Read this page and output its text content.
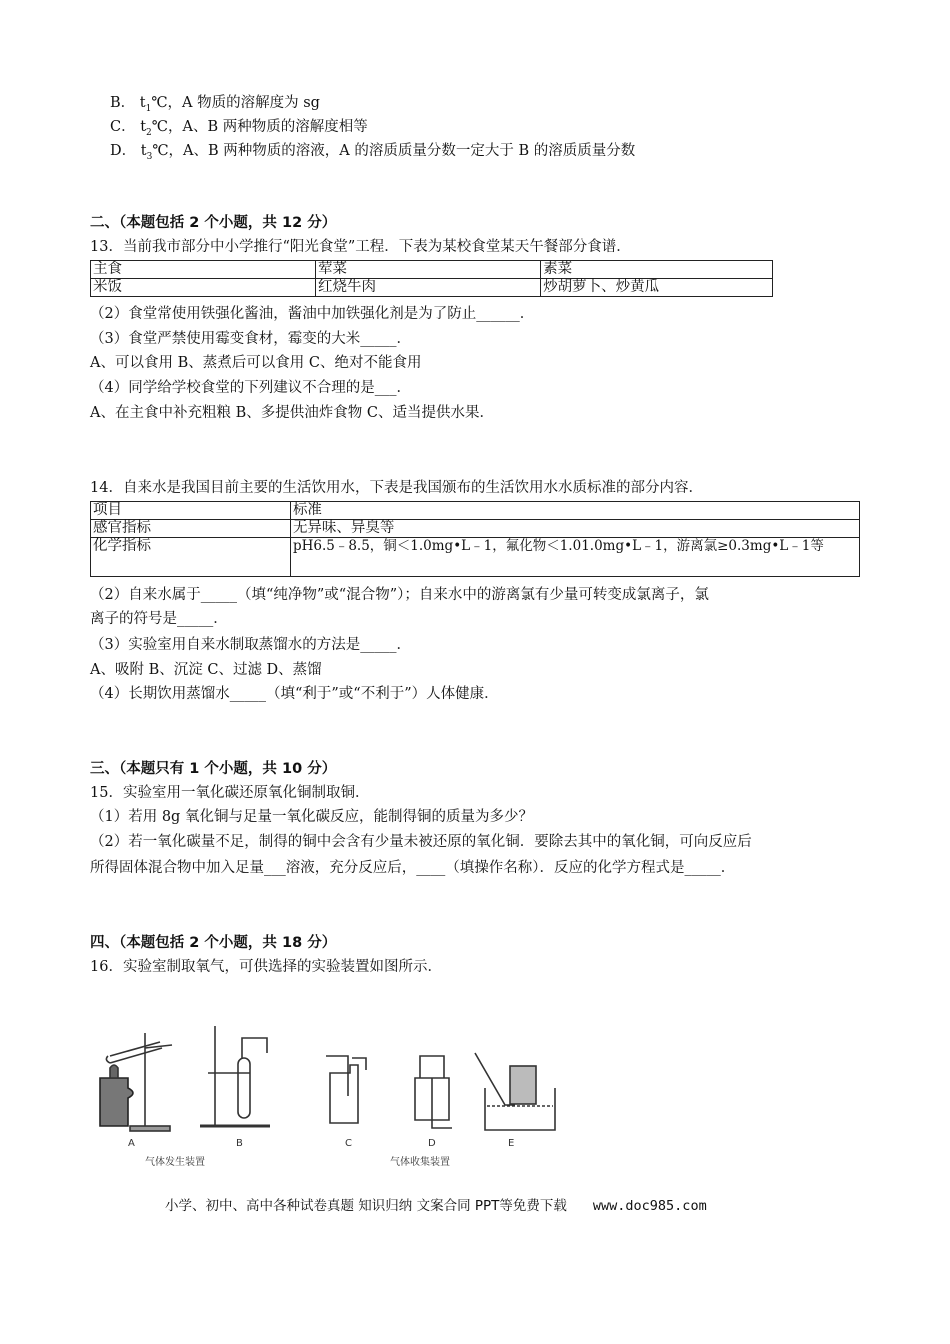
B． $t_1℃$，A 物质的溶解度为 sg
C． $t_2℃$，A、B 两种物质的溶解度相等
D． $t_3℃$，A、B 两种物质的溶液，A 的溶质质量分数一定大于 B 的溶质质量分数
二、（本题包括 2 个小题，共 12 分）
13．当前我市部分中小学推行“阳光食堂”工程．下表为某校食堂某天午餐部分食谱．
主食	荤菜	素菜
米饭	红烧牛肉	炒胡萝卜、炒黄瓜
（2）食堂常使用铁强化酱油，酱油中加铁强化剂是为了防止______．
（3）食堂严禁使用霉变食材，霉变的大米_____．
A、可以食用 B、蒸煮后可以食用 C、绝对不能食用
（4）同学给学校食堂的下列建议不合理的是___．
A、在主食中补充粗粮 B、多提供油炸食物 C、适当提供水果．
14．自来水是我国目前主要的生活饮用水，下表是我国颁布的生活饮用水水质标准的部分内容．
项目	标准
感官指标	无异味、异臭等
化学指标	pH6.5﹣8.5，铜＜1.0mg•L﹣1，氟化物＜1.01.0mg•L﹣1，游离氯≥0.3mg•L﹣1等
（2）自来水属于_____（填“纯净物”或“混合物”）；自来水中的游离氯有少量可转变成氯离子，氯
离子的符号是_____．
（3）实验室用自来水制取蒸馏水的方法是_____．
A、吸附 B、沉淀 C、过滤 D、蒸馏
（4）长期饮用蒸馏水_____（填“利于”或“不利于”）人体健康．
三、（本题只有 1 个小题，共 10 分）
15．实验室用一氧化碳还原氧化铜制取铜．
（1）若用 8g 氧化铜与足量一氧化碳反应，能制得铜的质量为多少？
（2）若一氧化碳量不足，制得的铜中会含有少量未被还原的氧化铜．要除去其中的氧化铜，可向反应后
所得固体混合物中加入足量___溶液，充分反应后，____（填操作名称）．反应的化学方程式是_____．
四、（本题包括 2 个小题，共 18 分）
16．实验室制取氧气，可供选择的实验装置如图所示．
A	B	C	D	E
气体发生装置	气体收集装置
小学、初中、高中各种试卷真题 知识归纳 文案合同 PPT等免费下载 www.doc985.com
